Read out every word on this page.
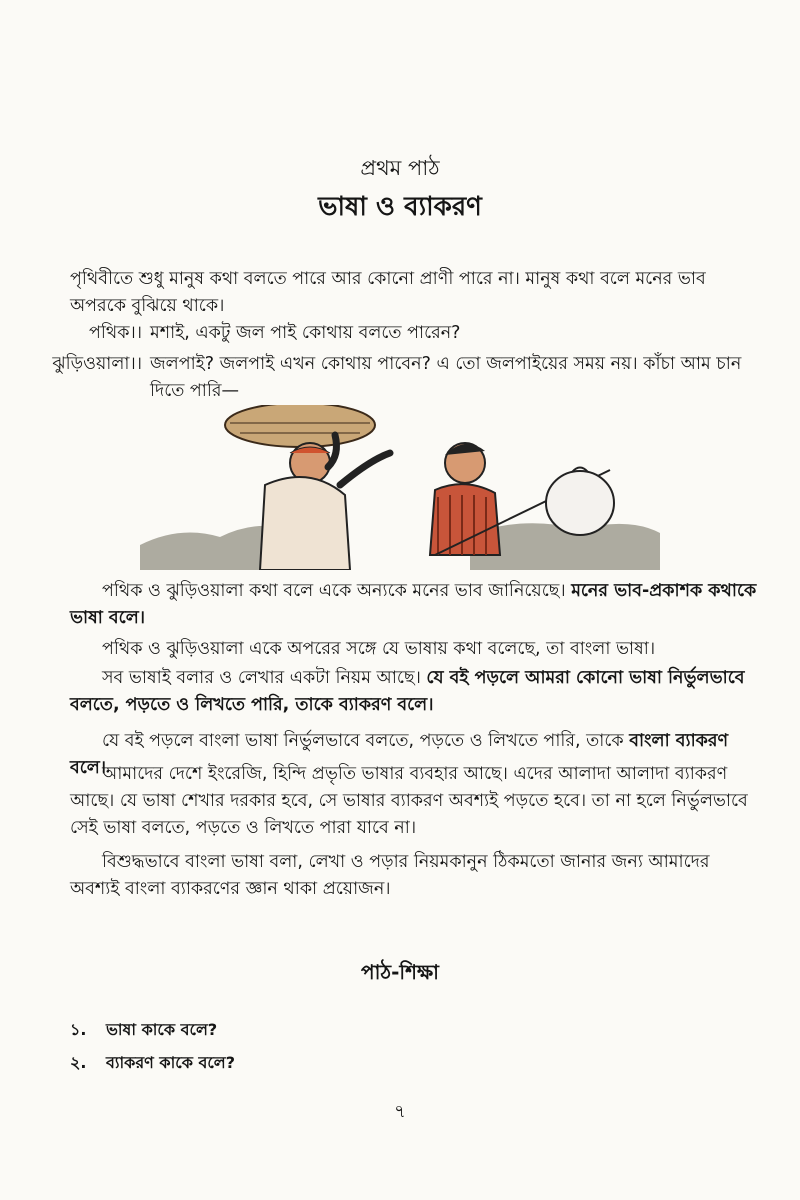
প্রথম পাঠ
ভাষা ও ব্যাকরণ

পৃথিবীতে শুধু মানুষ কথা বলতে পারে আর কোনো প্রাণী পারে না। মানুষ কথা বলে মনের ভাব অপরকে বুঝিয়ে থাকে।

পথিক।। মশাই, একটু জল পাই কোথায় বলতে পারেন?
ঝুড়িওয়ালা।। জলপাই? জলপাই এখন কোথায় পাবেন? এ তো জলপাইয়ের সময় নয়। কাঁচা আম চান দিতে পারি—

পথিক ও ঝুড়িওয়ালা কথা বলে একে অন্যকে মনের ভাব জানিয়েছে। মনের ভাব-প্রকাশক কথাকে ভাষা বলে।

পথিক ও ঝুড়িওয়ালা একে অপরের সঙ্গে যে ভাষায় কথা বলেছে, তা বাংলা ভাষা।

সব ভাষাই বলার ও লেখার একটা নিয়ম আছে। যে বই পড়লে আমরা কোনো ভাষা নির্ভুলভাবে বলতে, পড়তে ও লিখতে পারি, তাকে ব্যাকরণ বলে।

যে বই পড়লে বাংলা ভাষা নির্ভুলভাবে বলতে, পড়তে ও লিখতে পারি, তাকে বাংলা ব্যাকরণ বলে।

আমাদের দেশে ইংরেজি, হিন্দি প্রভৃতি ভাষার ব্যবহার আছে। এদের আলাদা আলাদা ব্যাকরণ আছে। যে ভাষা শেখার দরকার হবে, সে ভাষার ব্যাকরণ অবশ্যই পড়তে হবে। তা না হলে নির্ভুলভাবে সেই ভাষা বলতে, পড়তে ও লিখতে পারা যাবে না।

বিশুদ্ধভাবে বাংলা ভাষা বলা, লেখা ও পড়ার নিয়মকানুন ঠিকমতো জানার জন্য আমাদের অবশ্যই বাংলা ব্যাকরণের জ্ঞান থাকা প্রয়োজন।

পাঠ-শিক্ষা
১. ভাষা কাকে বলে?
২. ব্যাকরণ কাকে বলে?
৭
